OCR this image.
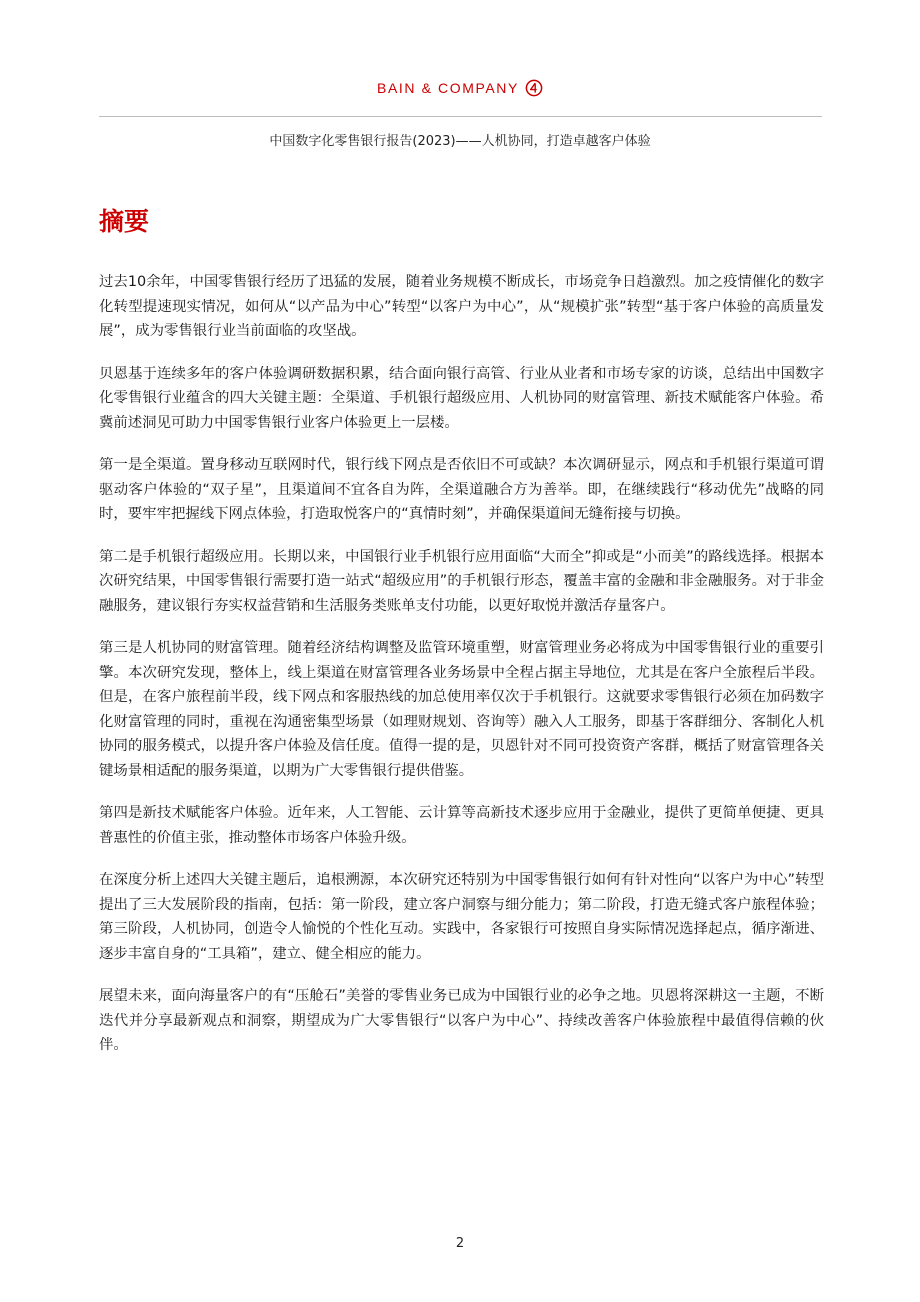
BAIN & COMPANY
中国数字化零售银行报告(2023)——人机协同，打造卓越客户体验
摘要

过去10余年，中国零售银行经历了迅猛的发展，随着业务规模不断成长，市场竞争日趋激烈。加之疫情催化的数字化转型提速现实情况，如何从“以产品为中心”转型“以客户为中心”，从“规模扩张”转型“基于客户体验的高质量发展”，成为零售银行业当前面临的攻坚战。

贝恩基于连续多年的客户体验调研数据积累，结合面向银行高管、行业从业者和市场专家的访谈，总结出中国数字化零售银行业蕴含的四大关键主题：全渠道、手机银行超级应用、人机协同的财富管理、新技术赋能客户体验。希冀前述洞见可助力中国零售银行业客户体验更上一层楼。

第一是全渠道。置身移动互联网时代，银行线下网点是否依旧不可或缺？本次调研显示，网点和手机银行渠道可谓驱动客户体验的“双子星”，且渠道间不宜各自为阵，全渠道融合方为善举。即，在继续践行“移动优先”战略的同时，要牢牢把握线下网点体验，打造取悦客户的“真情时刻”，并确保渠道间无缝衔接与切换。

第二是手机银行超级应用。长期以来，中国银行业手机银行应用面临“大而全”抑或是“小而美”的路线选择。根据本次研究结果，中国零售银行需要打造一站式“超级应用”的手机银行形态，覆盖丰富的金融和非金融服务。对于非金融服务，建议银行夯实权益营销和生活服务类账单支付功能，以更好取悦并激活存量客户。

第三是人机协同的财富管理。随着经济结构调整及监管环境重塑，财富管理业务必将成为中国零售银行业的重要引擎。本次研究发现，整体上，线上渠道在财富管理各业务场景中全程占据主导地位，尤其是在客户全旅程后半段。但是，在客户旅程前半段，线下网点和客服热线的加总使用率仅次于手机银行。这就要求零售银行必须在加码数字化财富管理的同时，重视在沟通密集型场景（如理财规划、咨询等）融入人工服务，即基于客群细分、客制化人机协同的服务模式，以提升客户体验及信任度。值得一提的是，贝恩针对不同可投资资产客群，概括了财富管理各关键场景相适配的服务渠道，以期为广大零售银行提供借鉴。

第四是新技术赋能客户体验。近年来，人工智能、云计算等高新技术逐步应用于金融业，提供了更简单便捷、更具普惠性的价值主张，推动整体市场客户体验升级。

在深度分析上述四大关键主题后，追根溯源，本次研究还特别为中国零售银行如何有针对性向“以客户为中心”转型提出了三大发展阶段的指南，包括：第一阶段，建立客户洞察与细分能力；第二阶段，打造无缝式客户旅程体验；第三阶段，人机协同，创造令人愉悦的个性化互动。实践中，各家银行可按照自身实际情况选择起点，循序渐进、逐步丰富自身的“工具箱”，建立、健全相应的能力。

展望未来，面向海量客户的有“压舱石”美誉的零售业务已成为中国银行业的必争之地。贝恩将深耕这一主题，不断迭代并分享最新观点和洞察，期望成为广大零售银行“以客户为中心”、持续改善客户体验旅程中最值得信赖的伙伴。

2
